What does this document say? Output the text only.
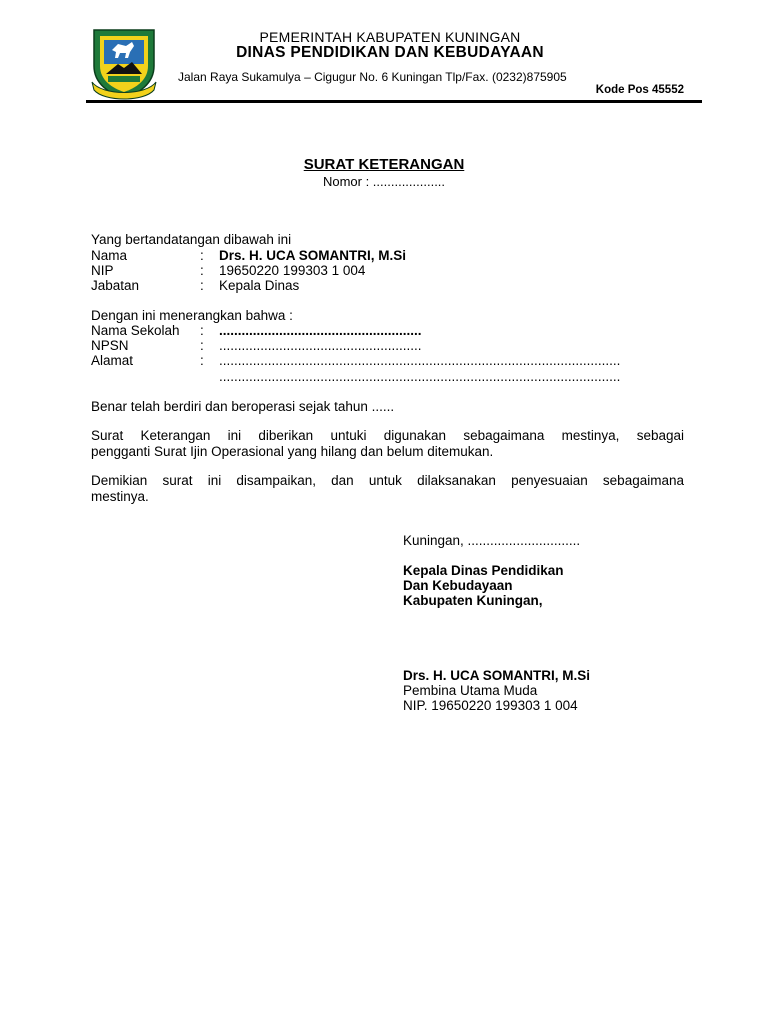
PEMERINTAH KABUPATEN KUNINGAN
DINAS PENDIDIKAN DAN KEBUDAYAAN
Jalan Raya Sukamulya – Cigugur No. 6 Kuningan Tlp/Fax. (0232)875905
Kode Pos 45552
SURAT KETERANGAN
Nomor : ....................
Yang bertandatangan dibawah ini
Nama	: Drs. H. UCA SOMANTRI, M.Si
NIP	: 19650220 199303 1 004
Jabatan	: Kepala Dinas
Dengan ini menerangkan bahwa :
Nama Sekolah : ......................................................
NPSN	: ......................................................
Alamat	: ...........................................................................................................
...........................................................................................................
Benar telah berdiri dan beroperasi sejak tahun ......
Surat Keterangan ini diberikan untuki digunakan sebagaimana mestinya, sebagai
pengganti Surat Ijin Operasional yang hilang dan belum ditemukan.
Demikian surat ini disampaikan, dan untuk dilaksanakan penyesuaian sebagaimana
mestinya.
Kuningan, ..............................
Kepala Dinas Pendidikan
Dan Kebudayaan
Kabupaten Kuningan,
Drs. H. UCA SOMANTRI, M.Si
Pembina Utama Muda
NIP. 19650220 199303 1 004
